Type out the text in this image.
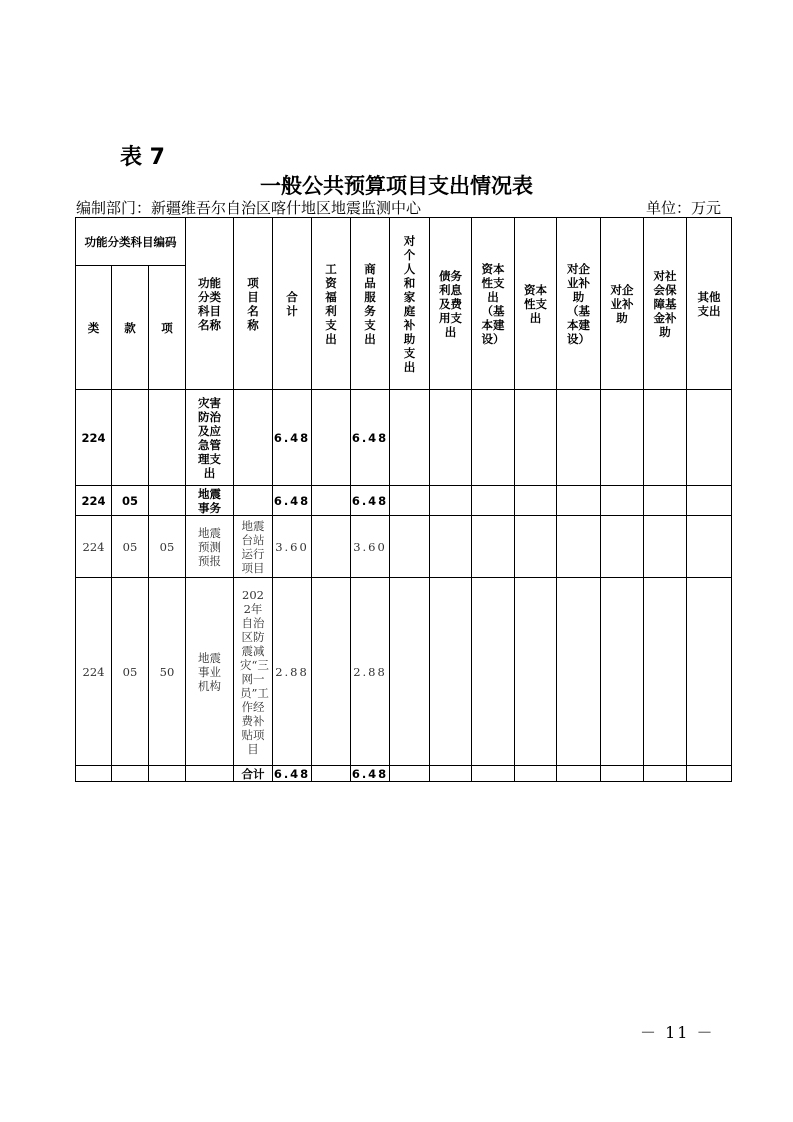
表 7
一般公共预算项目支出情况表
编制部门：新疆维吾尔自治区喀什地区地震监测中心	单位：万元
功能分类科目编码			功能分类科目名称	项目名称	合计	工资福利支出	商品服务支出	对个人和家庭补助支出	债务利息及费用支出	资本性支出（基本建设）	资本性支出	对企业补助（基本建设）	对企业补助	对社会保障基金补助	其他支出
类	款	项													
224			灾害防治及应急管理支出		6.48		6.48								
224	05		地震事务		6.48		6.48								
224	05	05	地震预测预报	地震台站运行项目	3.60		3.60								
224	05	50	地震事业机构	2022年自治区防震减灾“三网一员”工作经费补贴项目	2.88		2.88								
				合计	6.48		6.48								
－ 11 －
